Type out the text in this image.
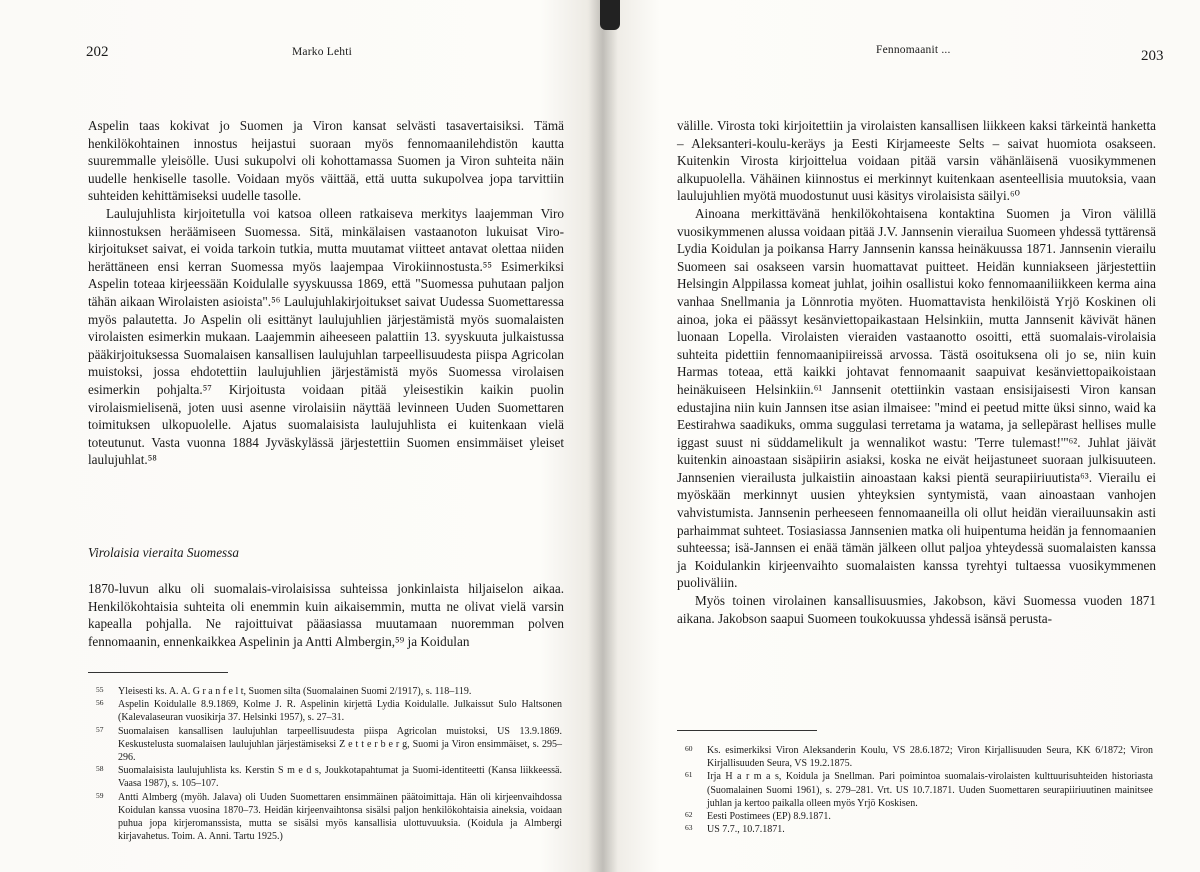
202	Marko Lehti

Aspelin taas kokivat jo Suomen ja Viron kansat selvästi tasavertaisiksi. Tämä henkilökohtainen innostus heijastui suoraan myös fennomaanilehdistön kautta suuremmalle yleisölle. Uusi sukupolvi oli kohottamassa Suomen ja Viron suhteita näin uudelle henkiselle tasolle. Voidaan myös väittää, että uutta sukupolvea jopa tarvittiin suhteiden kehittämiseksi uudelle tasolle.

Laulujuhlista kirjoitetulla voi katsoa olleen ratkaiseva merkitys laajemman Viro kiinnostuksen heräämiseen Suomessa. Sitä, minkälaisen vastaanoton lukuisat Viro-kirjoitukset saivat, ei voida tarkoin tutkia, mutta muutamat viitteet antavat olettaa niiden herättäneen ensi kerran Suomessa myös laajempaa Virokiinnostusta.⁵⁵ Esimerkiksi Aspelin toteaa kirjeessään Koidulalle syyskuussa 1869, että "Suomessa puhutaan paljon tähän aikaan Wirolaisten asioista".⁵⁶ Laulujuhlakirjoitukset saivat Uudessa Suomettaressa myös palautetta. Jo Aspelin oli esittänyt laulujuhlien järjestämistä myös suomalaisten virolaisten esimerkin mukaan. Laajemmin aiheeseen palattiin 13. syyskuuta julkaistussa pääkirjoituksessa Suomalaisen kansallisen laulujuhlan tarpeellisuudesta piispa Agricolan muistoksi, jossa ehdotettiin laulujuhlien järjestämistä myös Suomessa virolaisen esimerkin pohjalta.⁵⁷ Kirjoitusta voidaan pitää yleisestikin kaikin puolin virolaismielisenä, joten uusi asenne virolaisiin näyttää levinneen Uuden Suomettaren toimituksen ulkopuolelle. Ajatus suomalaisista laulujuhlista ei kuitenkaan vielä toteutunut. Vasta vuonna 1884 Jyväskylässä järjestettiin Suomen ensimmäiset yleiset laulujuhlat.⁵⁸

Virolaisia vieraita Suomessa

1870-luvun alku oli suomalais-virolaisissa suhteissa jonkinlaista hiljaiselon aikaa. Henkilökohtaisia suhteita oli enemmin kuin aikaisemmin, mutta ne olivat vielä varsin kapealla pohjalla. Ne rajoittuivat pääasiassa muutamaan nuoremman polven fennomaanin, ennenkaikkea Aspelinin ja Antti Almbergin,⁵⁹ ja Koidulan

55 Yleisesti ks. A. A. G r a n f e l t, Suomen silta (Suomalainen Suomi 2/1917), s. 118–119.

56 Aspelin Koidulalle 8.9.1869, Kolme J. R. Aspelinin kirjettä Lydia Koidulalle. Julkaissut Sulo Haltsonen (Kalevalaseuran vuosikirja 37. Helsinki 1957), s. 27–31.

57 Suomalaisen kansallisen laulujuhlan tarpeellisuudesta piispa Agricolan muistoksi, US 13.9.1869. Keskustelusta suomalaisen laulujuhlan järjestämiseksi Z e t t e r b e r g, Suomi ja Viron ensimmäiset, s. 295–296.

58 Suomalaisista laulujuhlista ks. Kerstin S m e d s, Joukkotapahtumat ja Suomi-identiteetti (Kansa liikkeessä. Vaasa 1987), s. 105–107.

59 Antti Almberg (myöh. Jalava) oli Uuden Suomettaren ensimmäinen päätoimittaja. Hän oli kirjeenvaihdossa Koidulan kanssa vuosina 1870–73. Heidän kirjeenvaihtonsa sisälsi paljon henkilökohtaisia aineksia, voidaan puhua jopa kirjeromanssista, mutta se sisälsi myös kansallisia ulottuvuuksia. (Koidula ja Almbergi kirjavahetus. Toim. A. Anni. Tartu 1925.)

Fennomaanit ...	203

välille. Virosta toki kirjoitettiin ja virolaisten kansallisen liikkeen kaksi tärkeintä hanketta – Aleksanteri-koulu-keräys ja Eesti Kirjameeste Selts – saivat huomiota osakseen. Kuitenkin Virosta kirjoittelua voidaan pitää varsin vähänläisenä vuosikymmenen alkupuolella. Vähäinen kiinnostus ei merkinnyt kuitenkaan asenteellisia muutoksia, vaan laulujuhlien myötä muodostunut uusi käsitys virolaisista säilyi.⁶⁰

Ainoana merkittävänä henkilökohtaisena kontaktina Suomen ja Viron välillä vuosikymmenen alussa voidaan pitää J.V. Jannsenin vierailua Suomeen yhdessä tyttärensä Lydia Koidulan ja poikansa Harry Jannsenin kanssa heinäkuussa 1871. Jannsenin vierailu Suomeen sai osakseen varsin huomattavat puitteet. Heidän kunniakseen järjestettiin Helsingin Alppilassa komeat juhlat, joihin osallistui koko fennomaaniliikkeen kerma aina vanhaa Snellmania ja Lönnrotia myöten. Huomattavista henkilöistä Yrjö Koskinen oli ainoa, joka ei päässyt kesänviettopaikastaan Helsinkiin, mutta Jannsenit kävivät hänen luonaan Lopella. Virolaisten vieraiden vastaanotto osoitti, että suomalais-virolaisia suhteita pidettiin fennomaanipiireissä arvossa. Tästä osoituksena oli jo se, niin kuin Harmas toteaa, että kaikki johtavat fennomaanit saapuivat kesänviettopaikoistaan heinäkuiseen Helsinkiin.⁶¹ Jannsenit otettiinkin vastaan ensisijaisesti Viron kansan edustajina niin kuin Jannsen itse asian ilmaisee: "mind ei peetud mitte üksi sinno, waid ka Eestirahwa saadikuks, omma suggulasi terretama ja watama, ja sellepärast hellises mulle iggast suust ni süddamelikult ja wennalikot wastu: 'Terre tulemast!'"⁶². Juhlat jäivät kuitenkin ainoastaan sisäpiirin asiaksi, koska ne eivät heijastuneet suoraan julkisuuteen. Jannsenien vierailusta julkaistiin ainoastaan kaksi pientä seurapiiriuutista⁶³. Vierailu ei myöskään merkinnyt uusien yhteyksien syntymistä, vaan ainoastaan vanhojen vahvistumista. Jannsenin perheeseen fennomaaneilla oli ollut heidän vierailuunsakin asti parhaimmat suhteet. Tosiasiassa Jannsenien matka oli huipentuma heidän ja fennomaanien suhteessa; isä-Jannsen ei enää tämän jälkeen ollut paljoa yhteydessä suomalaisten kanssa ja Koidulankin kirjeenvaihto suomalaisten kanssa tyrehtyi tultaessa vuosikymmenen puoliväliin.

Myös toinen virolainen kansallisuusmies, Jakobson, kävi Suomessa vuoden 1871 aikana. Jakobson saapui Suomeen toukokuussa yhdessä isänsä perusta-

60 Ks. esimerkiksi Viron Aleksanderin Koulu, VS 28.6.1872; Viron Kirjallisuuden Seura, KK 6/1872; Viron Kirjallisuuden Seura, VS 19.2.1875.

61 Irja H a r m a s, Koidula ja Snellman. Pari poimintoa suomalais-virolaisten kulttuurisuhteiden historiasta (Suomalainen Suomi 1961), s. 279–281. Vrt. US 10.7.1871. Uuden Suomettaren seurapiiriuutinen mainitsee juhlan ja kertoo paikalla olleen myös Yrjö Koskisen.

62 Eesti Postimees (EP) 8.9.1871.

63 US 7.7., 10.7.1871.
